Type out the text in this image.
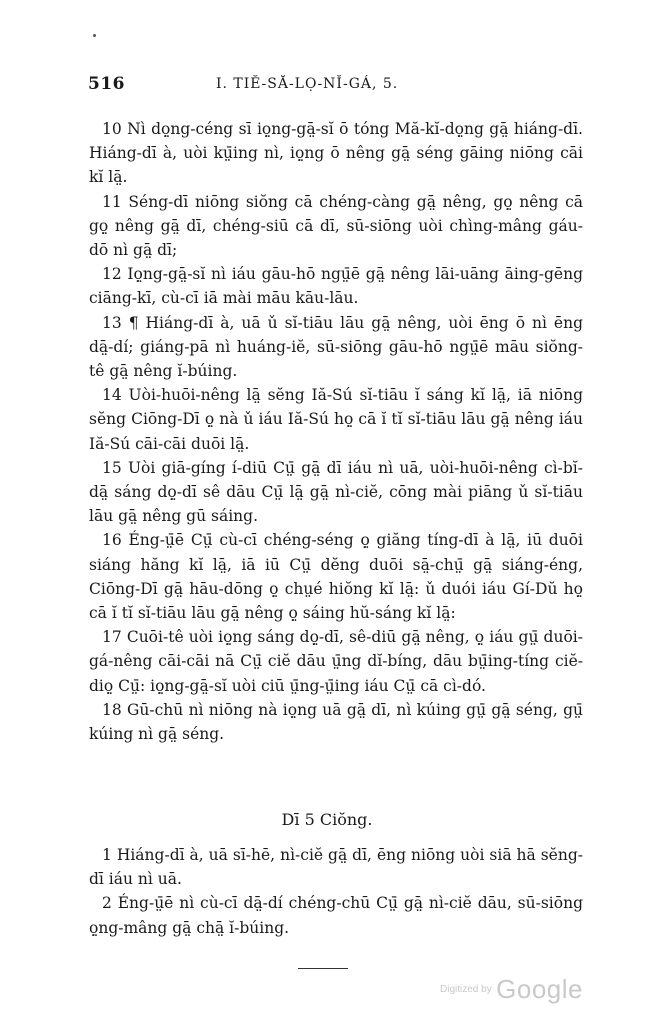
516	I. TIĔ-SĂ-LỌ-NĬ-GÁ, 5.

10 Nì dọ̤ng-céng sī iọ̤ng-gā̤-sĭ ō tóng Mă-kĭ-dọ̤ng gā̤ hiáng-dī. Hiáng-dī à, uòi kṳ̄ing nì, iọ̤ng ō nêng gā̤ séng gāing niōng cāi kĭ lā̤.

11 Séng-dī niōng siŏng cā chéng-càng gā̤ nêng, gọ̤ nêng cā gọ̤ nêng gā̤ dī, chéng-siū cā dī, sū-siōng uòi chìng-mâng gáu-dō nì gā̤ dī;

12 Iọ̤ng-gā̤-sĭ nì iáu gāu-hō ngṳ̄ē gā̤ nêng lāi-uāng āing-gēng ciāng-kī, cù-cī iā mài māu kāu-lāu.

13 ¶ Hiáng-dī à, uā ǔ sĭ-tiāu lāu gā̤ nêng, uòi ēng ō nì ēng dā̤-dí; giáng-pā nì huáng-iĕ, sū-siōng gāu-hō ngṳ̄ē māu siŏng-tê gā̤ nêng ĭ-búing.

14 Uòi-huōi-nêng lā̤ sĕng Iă-Sú sĭ-tiāu ĭ sáng kĭ lā̤, iā niōng sĕng Ciōng-Dī ọ̤ nà ǔ iáu Iă-Sú họ̤ cā ĭ tĭ sĭ-tiāu lāu gā̤ nêng iáu Iă-Sú cāi-cāi duōi lā̤.

15 Uòi giā-gíng í-diū Cṳ̄ gā̤ dī iáu nì uā, uòi-huōi-nêng cì-bĭ-dā̤ sáng dọ̤-dī sê dāu Cṳ̄ lā̤ gā̤ nì-ciĕ, cōng mài piāng ǔ sĭ-tiāu lāu gā̤ nêng gū sáing.

16 Éng-ṳ̄ē Cṳ̄ cù-cī chéng-séng ọ̤ giăng tíng-dī à lā̤, iū duōi siáng hăng kĭ lā̤, iā iū Cṳ̄ dĕng duōi sā̤-chṳ̄ gā̤ siáng-éng, Ciōng-Dī gā̤ hāu-dōng ọ̤ chṳé hiŏng kĭ lā̤: ǔ duói iáu Gí-Dŭ họ̤ cā ĭ tĭ sĭ-tiāu lāu gā̤ nêng ọ̤ sáing hŭ-sáng kĭ lā̤:

17 Cuōi-tê uòi iọ̤ng sáng dọ̤-dī, sê-diū gā̤ nêng, ọ̤ iáu gṳ̄ duōi-gá-nêng cāi-cāi nā Cṳ̄ ciĕ dāu ṳ̄ng dĭ-bíng, dāu bṳ̄ing-tíng ciĕ-diọ̤ Cṳ̄: iọ̤ng-gā̤-sĭ uòi ciū ṳ̄ng-ṳ̄ing iáu Cṳ̄ cā cì-dó.

18 Gū-chū nì niōng nà iọ̤ng uā gā̤ dī, nì kúing gṳ̄ gā̤ séng, gṳ̄ kúing nì gā̤ séng.

Dī 5 Ciŏng.

1 Hiáng-dī à, uā sī-hē, nì-ciĕ gā̤ dī, ēng niōng uòi siā hā sĕng-dī iáu nì uā.

2 Éng-ṳ̄ē nì cù-cī dā̤-dí chéng-chū Cṳ̄ gā̤ nì-ciĕ dāu, sū-siōng ọ̤ng-mâng gā̤ chā̤ ĭ-búing.

Digitized by Google
